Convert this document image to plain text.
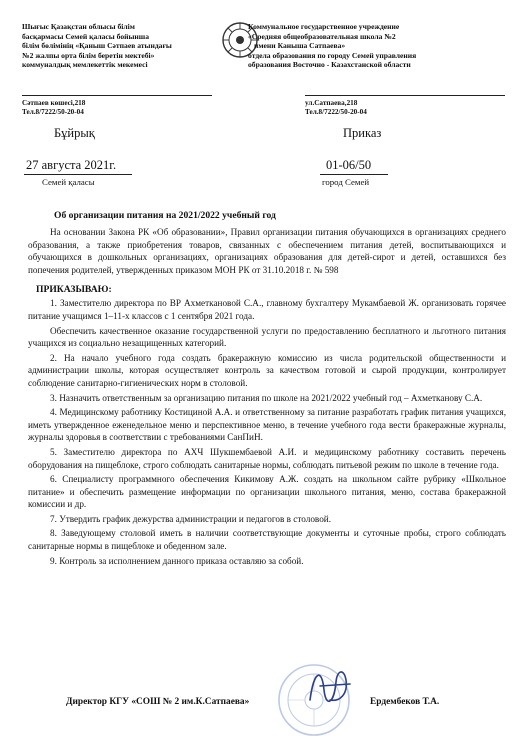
Шығыс Қазақстан облысы білім
басқармасы Семей қаласы бойынша
білім бөлімінің «Қаныш Сәтпаев атындағы
№2 жалпы орта білім беретін мектебі»
коммуналдық мемлекеттік мекемесі
Коммунальное государственное учреждение
«Средняя общеобразовательная школа №2
имени Каныша Сатпаева»
отдела образования по городу Семей управления
образования Восточно - Казахстанской области
Сәтпаев көшесі,218
Тел.8/7222/50-20-04
ул.Сатпаева,218
Тел.8/7222/50-20-04
Бұйрық	Приказ
27 августа 2021г.	01-06/50
Семей қаласы	город Семей
Об организации питания на 2021/2022 учебный год

На основании Закона РК «Об образовании», Правил организации питания обучающихся в организациях среднего образования, а также приобретения товаров, связанных с обеспечением питания детей, воспитывающихся и обучающихся в дошкольных организациях, организациях образования для детей-сирот и детей, оставшихся без попечения родителей, утвержденных приказом МОН РК от 31.10.2018 г. № 598

ПРИКАЗЫВАЮ:

1. Заместителю директора по ВР Ахметкановой С.А., главному бухгалтеру Мукамбаевой Ж. организовать горячее питание учащимся 1–11-х классов с 1 сентября 2021 года.

Обеспечить качественное оказание государственной услуги по предоставлению бесплатного и льготного питания учащихся из социально незащищенных категорий.

2. На начало учебного года создать бракеражную комиссию из числа родительской общественности и администрации школы, которая осуществляет контроль за качеством готовой и сырой продукции, контролирует соблюдение санитарно-гигиенических норм в столовой.

3. Назначить ответственным за организацию питания по школе на 2021/2022 учебный год – Ахметканову С.А.

4. Медицинскому работнику Костициной А.А. и ответственному за питание разработать график питания учащихся, иметь утвержденное еженедельное меню и перспективное меню, в течение учебного года вести бракеражные журналы, журналы здоровья в соответствии с требованиями СанПиН.

5. Заместителю директора по АХЧ Шукшембаевой А.И. и медицинскому работнику составить перечень оборудования на пищеблоке, строго соблюдать санитарные нормы, соблюдать питьевой режим по школе в течение года.

6. Специалисту программного обеспечения Кикимову А.Ж. создать на школьном сайте рубрику «Школьное питание» и обеспечить размещение информации по организации школьного питания, меню, состава бракеражной комиссии и др.

7. Утвердить график дежурства администрации и педагогов в столовой.

8. Заведующему столовой иметь в наличии соответствующие документы и суточные пробы, строго соблюдать санитарные нормы в пищеблоке и обеденном зале.

9. Контроль за исполнением данного приказа оставляю за собой.

Директор КГУ «СОШ № 2 им.К.Сатпаева»	Ердембеков Т.А.
